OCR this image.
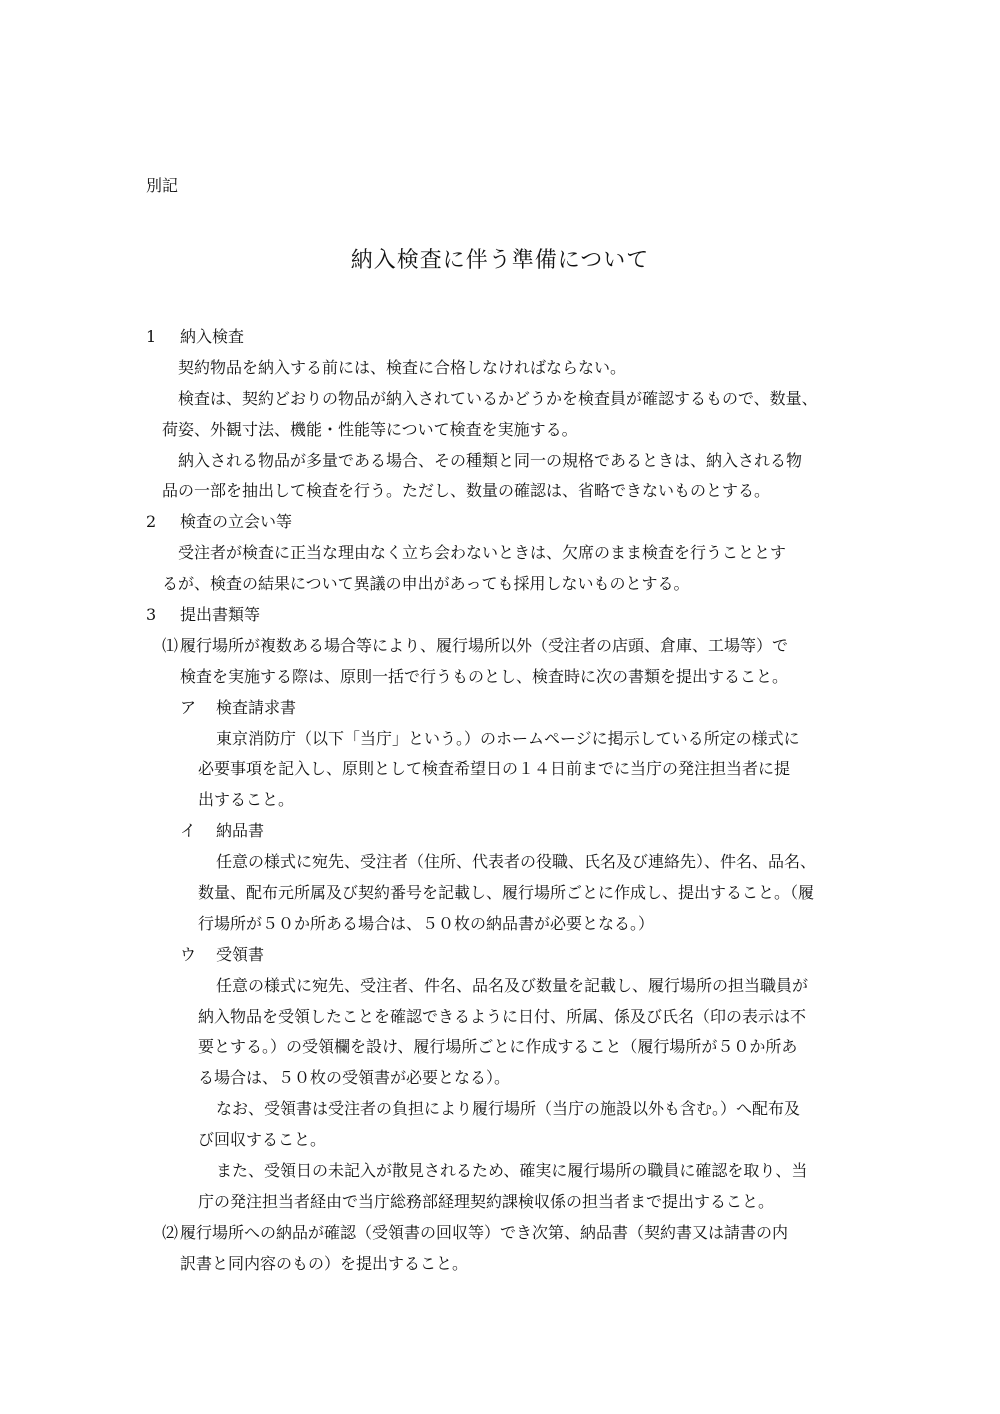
別記
納入検査に伴う準備について
1 納入検査
契約物品を納入する前には、検査に合格しなければならない。
検査は、契約どおりの物品が納入されているかどうかを検査員が確認するもので、数量、
荷姿、外観寸法、機能・性能等について検査を実施する。
納入される物品が多量である場合、その種類と同一の規格であるときは、納入される物
品の一部を抽出して検査を行う。ただし、数量の確認は、省略できないものとする。
2 検査の立会い等
受注者が検査に正当な理由なく立ち会わないときは、欠席のまま検査を行うこととす
るが、検査の結果について異議の申出があっても採用しないものとする。
3 提出書類等
⑴ 履行場所が複数ある場合等により、履行場所以外（受注者の店頭、倉庫、工場等）で
検査を実施する際は、原則一括で行うものとし、検査時に次の書類を提出すること。
ア 検査請求書
東京消防庁（以下「当庁」という。）のホームページに掲示している所定の様式に
必要事項を記入し、原則として検査希望日の１４日前までに当庁の発注担当者に提
出すること。
イ 納品書
任意の様式に宛先、受注者（住所、代表者の役職、氏名及び連絡先）、件名、品名、
数量、配布元所属及び契約番号を記載し、履行場所ごとに作成し、提出すること。（履
行場所が５０か所ある場合は、５０枚の納品書が必要となる。）
ウ 受領書
任意の様式に宛先、受注者、件名、品名及び数量を記載し、履行場所の担当職員が
納入物品を受領したことを確認できるように日付、所属、係及び氏名（印の表示は不
要とする。）の受領欄を設け、履行場所ごとに作成すること（履行場所が５０か所あ
る場合は、５０枚の受領書が必要となる）。
なお、受領書は受注者の負担により履行場所（当庁の施設以外も含む。）へ配布及
び回収すること。
また、受領日の未記入が散見されるため、確実に履行場所の職員に確認を取り、当
庁の発注担当者経由で当庁総務部経理契約課検収係の担当者まで提出すること。
⑵ 履行場所への納品が確認（受領書の回収等）でき次第、納品書（契約書又は請書の内
訳書と同内容のもの）を提出すること。
